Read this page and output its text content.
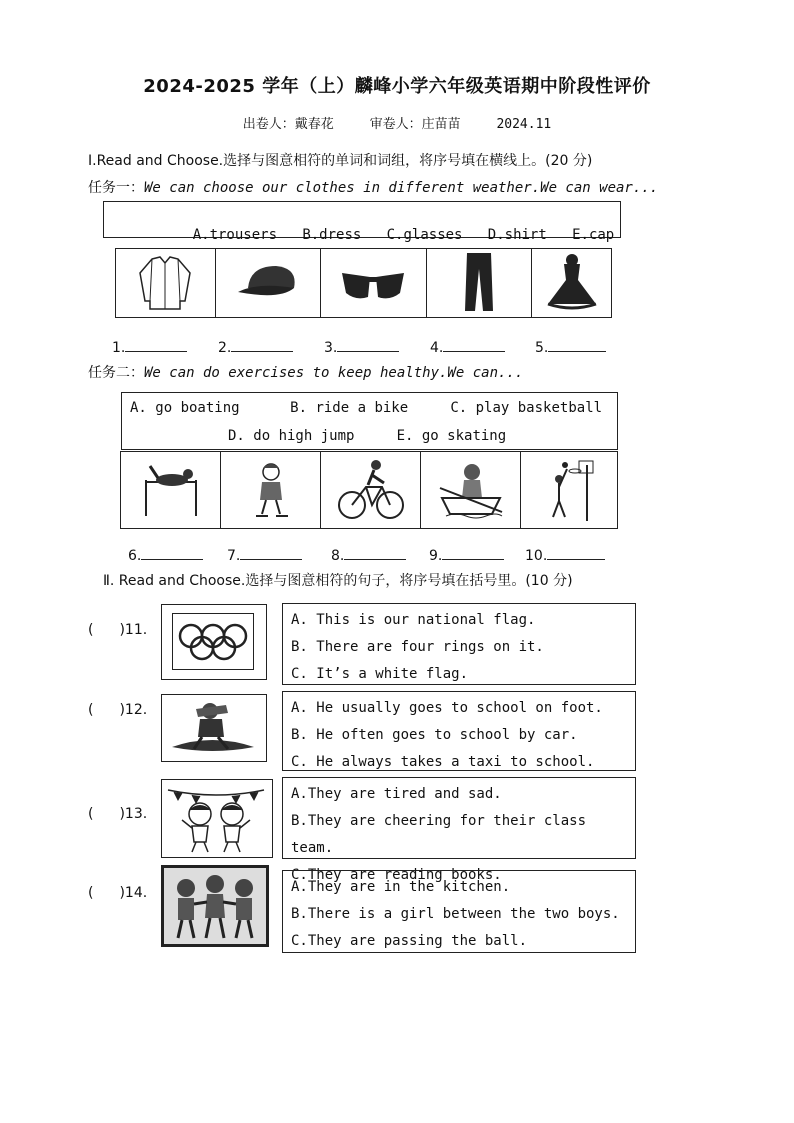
2024-2025 学年（上）麟峰小学六年级英语期中阶段性评价
出卷人：戴春花	审卷人：庄苗苗	2024.11
Ⅰ.Read and Choose.选择与图意相符的单词和词组，将序号填在横线上。(20 分)
任务一：We can choose our clothes in different weather.We can wear...

A.trousers B.dress C.glasses D.shirt E.cap

1.	2.	3.	4.	5.
任务二：We can do exercises to keep healthy.We can...
A. go boating	B. ride a bike	C. play basketball
D. do high jump	E. go skating
6.	7.	8.	9.	10.
Ⅱ. Read and Choose.选择与图意相符的句子，将序号填在括号里。(10 分)
( )11.
A. This is our national flag.
B. There are four rings on it.
C. It’s a white flag.
( )12.	A. He usually goes to school on foot.
B. He often goes to school by car.
C. He always takes a taxi to school.
( )13.
A.They are tired and sad.
B.They are cheering for their class team.
C.They are reading books.
( )14.	A.They are in the kitchen.
B.There is a girl between the two boys.
C.They are passing the ball.
